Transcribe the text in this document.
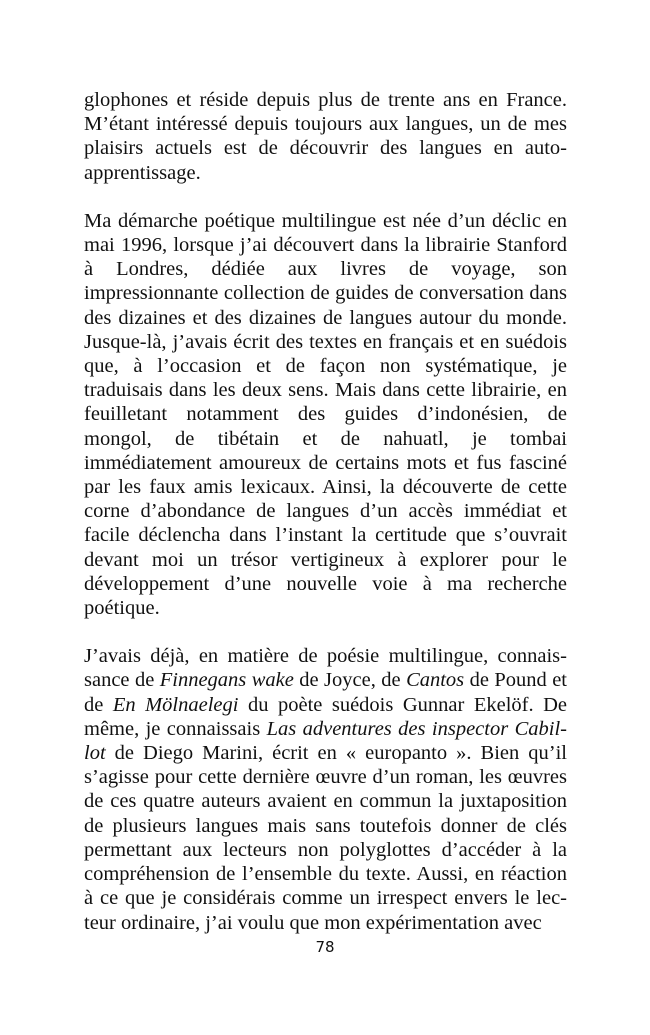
glophones et réside depuis plus de trente ans en France. M’étant intéressé depuis toujours aux langues, un de mes plaisirs actuels est de découvrir des langues en auto-apprentissage.

Ma démarche poétique multilingue est née d’un déclic en mai 1996, lorsque j’ai découvert dans la librairie Stanford à Londres, dédiée aux livres de voyage, son impressionnante collection de guides de conversation dans des dizaines et des dizaines de langues autour du monde. Jusque-là, j’avais écrit des textes en français et en suédois que, à l’occasion et de façon non systématique, je traduisais dans les deux sens. Mais dans cette librairie, en feuilletant notamment des guides d’indonésien, de mongol, de tibétain et de nahuatl, je tombai immédiatement amoureux de certains mots et fus fasciné par les faux amis lexicaux. Ainsi, la découverte de cette corne d’abondance de langues d’un accès immédiat et facile déclencha dans l’instant la certitude que s’ouvrait devant moi un trésor vertigineux à explorer pour le développement d’une nouvelle voie à ma recherche poétique.

J’avais déjà, en matière de poésie multilingue, connaissance de Finnegans wake de Joyce, de Cantos de Pound et de En Mölnaelegi du poète suédois Gunnar Ekelöf. De même, je connaissais Las adventures des inspector Cabillot de Diego Marini, écrit en « europanto ». Bien qu’il s’agisse pour cette dernière œuvre d’un roman, les œuvres de ces quatre auteurs avaient en commun la juxtaposition de plusieurs langues mais sans toutefois donner de clés permettant aux lecteurs non polyglottes d’accéder à la compréhension de l’ensemble du texte. Aussi, en réaction à ce que je considérais comme un irrespect envers le lecteur ordinaire, j’ai voulu que mon expérimentation avec

78
